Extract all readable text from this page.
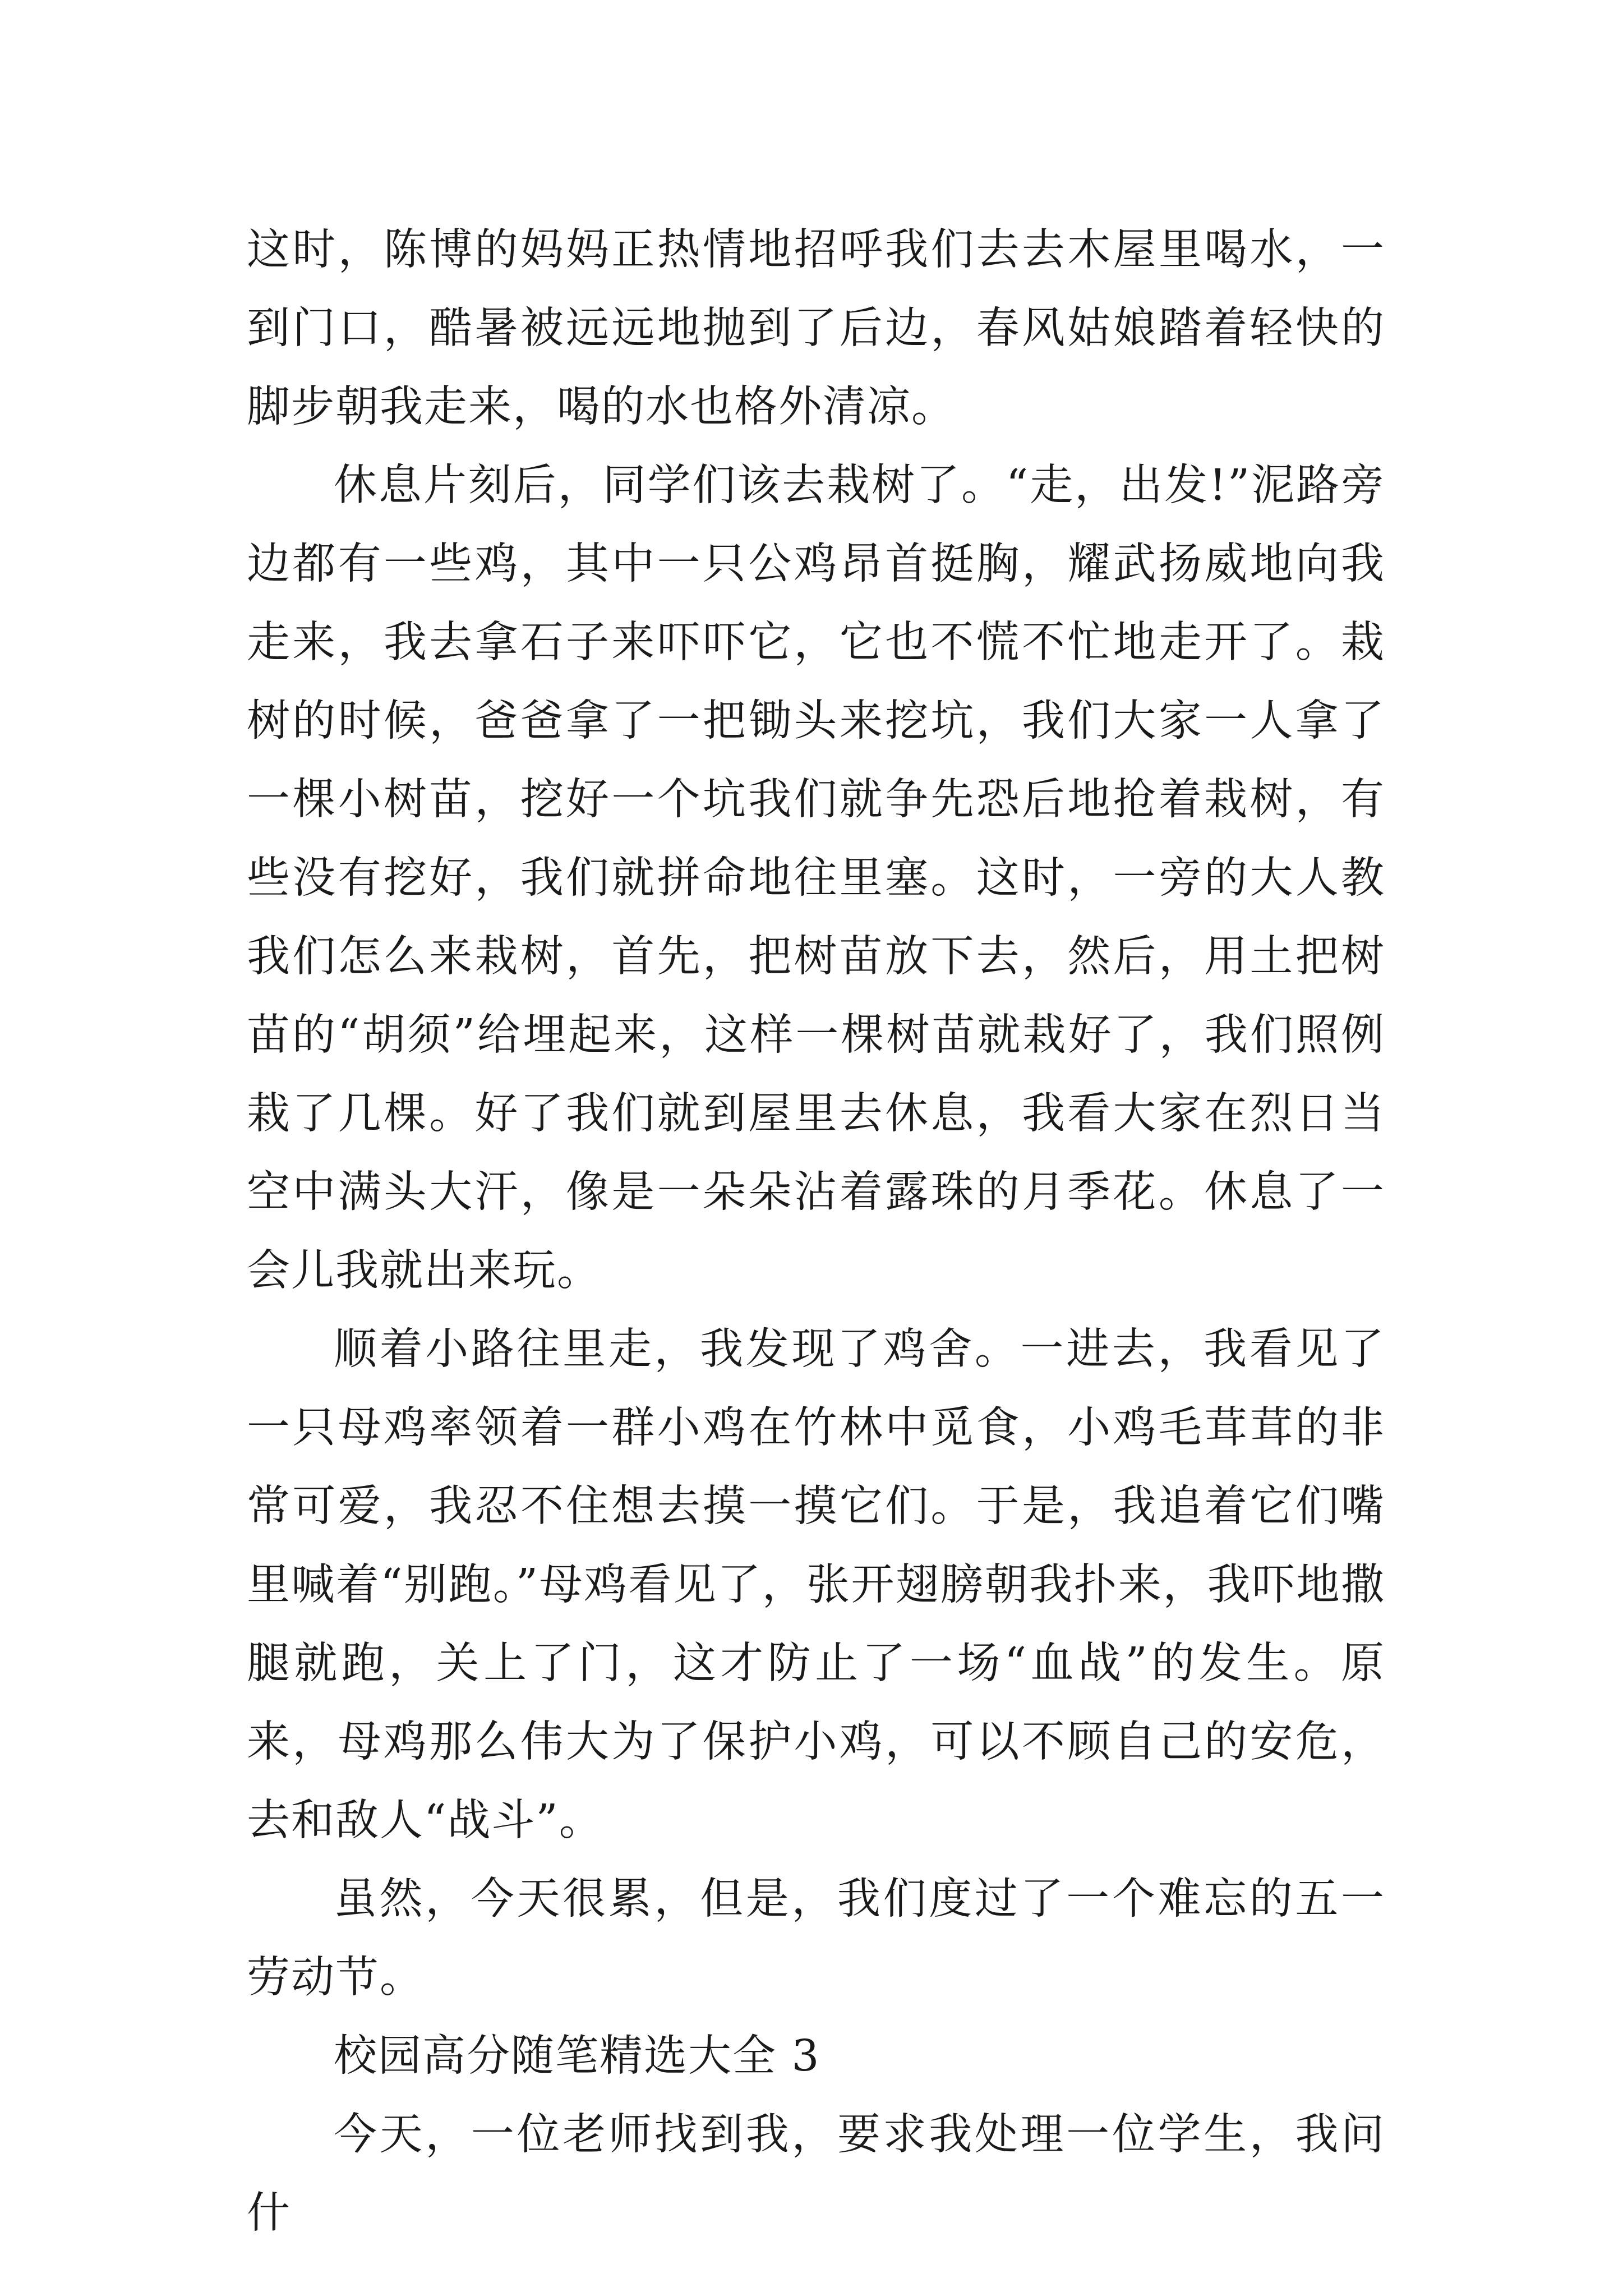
这时，陈博的妈妈正热情地招呼我们去去木屋里喝水，一到门口，酷暑被远远地抛到了后边，春风姑娘踏着轻快的脚步朝我走来，喝的水也格外清凉。

休息片刻后，同学们该去栽树了。“走，出发!”泥路旁边都有一些鸡，其中一只公鸡昂首挺胸，耀武扬威地向我走来，我去拿石子来吓吓它，它也不慌不忙地走开了。栽树的时候，爸爸拿了一把锄头来挖坑，我们大家一人拿了一棵小树苗，挖好一个坑我们就争先恐后地抢着栽树，有些没有挖好，我们就拼命地往里塞。这时，一旁的大人教我们怎么来栽树，首先，把树苗放下去，然后，用土把树苗的“胡须”给埋起来，这样一棵树苗就栽好了，我们照例栽了几棵。好了我们就到屋里去休息，我看大家在烈日当空中满头大汗，像是一朵朵沾着露珠的月季花。休息了一会儿我就出来玩。

顺着小路往里走，我发现了鸡舍。一进去，我看见了一只母鸡率领着一群小鸡在竹林中觅食，小鸡毛茸茸的非常可爱，我忍不住想去摸一摸它们。于是，我追着它们嘴里喊着“别跑。”母鸡看见了，张开翅膀朝我扑来，我吓地撒腿就跑，关上了门，这才防止了一场“血战”的发生。原来，母鸡那么伟大为了保护小鸡，可以不顾自己的安危，去和敌人“战斗”。

虽然，今天很累，但是，我们度过了一个难忘的五一劳动节。

校园高分随笔精选大全 3

今天，一位老师找到我，要求我处理一位学生，我问什
